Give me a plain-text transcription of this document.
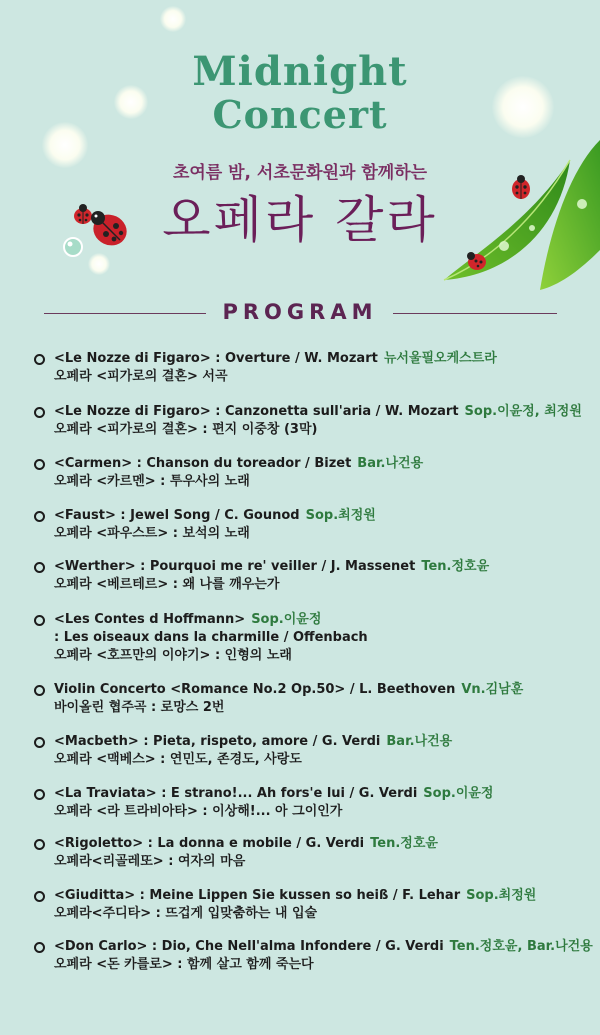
Midnight
Concert
초여름 밤, 서초문화원과 함께하는
오페라 갈라
PROGRAM
<Le Nozze di Figaro> : Overture / W. Mozart 뉴서울필오케스트라
오페라 <피가로의 결혼> 서곡
<Le Nozze di Figaro> : Canzonetta sull'aria / W. Mozart Sop.이윤정, 최정원
오페라 <피가로의 결혼> : 편지 이중창 (3막)
<Carmen> : Chanson du toreador / Bizet Bar.나건용
오페라 <카르멘> : 투우사의 노래
<Faust> : Jewel Song / C. Gounod Sop.최정원
오페라 <파우스트> : 보석의 노래
<Werther> : Pourquoi me re' veiller / J. Massenet Ten.정호윤
오페라 <베르테르> : 왜 나를 깨우는가
<Les Contes d Hoffmann> Sop.이윤정
: Les oiseaux dans la charmille / Offenbach
오페라 <호프만의 이야기> : 인형의 노래
Violin Concerto <Romance No.2 Op.50> / L. Beethoven Vn.김남훈
바이올린 협주곡 : 로망스 2번
<Macbeth> : Pieta, rispeto, amore / G. Verdi Bar.나건용
오페라 <맥베스> : 연민도, 존경도, 사랑도
<La Traviata> : E strano!... Ah fors'e lui / G. Verdi Sop.이윤정
오페라 <라 트라비아타> : 이상해!... 아 그이인가
<Rigoletto> : La donna e mobile / G. Verdi Ten.정호윤
오페라<리골레또> : 여자의 마음
<Giuditta> : Meine Lippen Sie kussen so heiß / F. Lehar Sop.최정원
오페라<주디타> : 뜨겁게 입맞춤하는 내 입술
<Don Carlo> : Dio, Che Nell'alma Infondere / G. Verdi Ten.정호윤, Bar.나건용
오페라 <돈 카를로> : 함께 살고 함께 죽는다
